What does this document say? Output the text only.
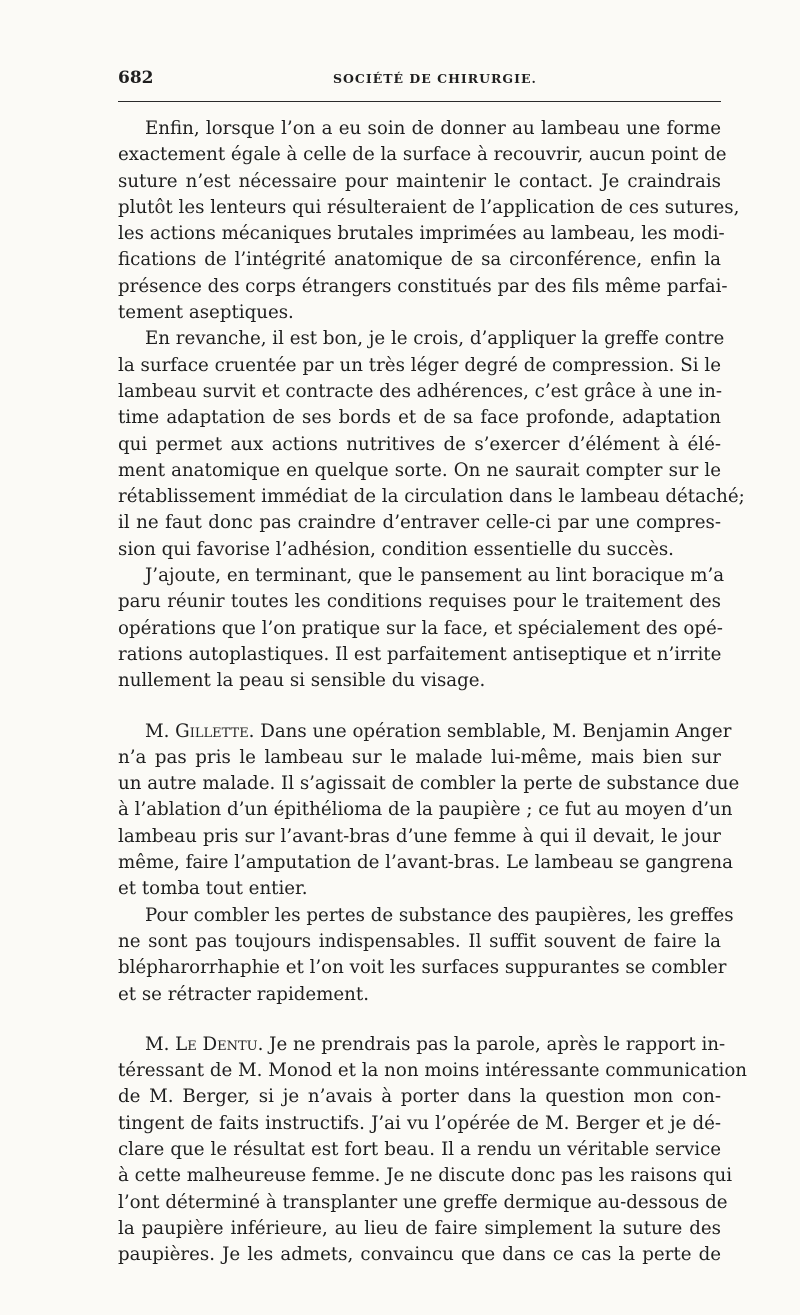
682	SOCIÉTÉ DE CHIRURGIE.

Enfin, lorsque l’on a eu soin de donner au lambeau une forme
exactement égale à celle de la surface à recouvrir, aucun point de
suture n’est nécessaire pour maintenir le contact. Je craindrais
plutôt les lenteurs qui résulteraient de l’application de ces sutures,
les actions mécaniques brutales imprimées au lambeau, les modi-
fications de l’intégrité anatomique de sa circonférence, enfin la
présence des corps étrangers constitués par des fils même parfai-
tement aseptiques.

En revanche, il est bon, je le crois, d’appliquer la greffe contre
la surface cruentée par un très léger degré de compression. Si le
lambeau survit et contracte des adhérences, c’est grâce à une in-
time adaptation de ses bords et de sa face profonde, adaptation
qui permet aux actions nutritives de s’exercer d’élément à élé-
ment anatomique en quelque sorte. On ne saurait compter sur le
rétablissement immédiat de la circulation dans le lambeau détaché;
il ne faut donc pas craindre d’entraver celle-ci par une compres-
sion qui favorise l’adhésion, condition essentielle du succès.

J’ajoute, en terminant, que le pansement au lint boracique m’a
paru réunir toutes les conditions requises pour le traitement des
opérations que l’on pratique sur la face, et spécialement des opé-
rations autoplastiques. Il est parfaitement antiseptique et n’irrite
nullement la peau si sensible du visage.

M. Gillette. Dans une opération semblable, M. Benjamin Anger
n’a pas pris le lambeau sur le malade lui-même, mais bien sur
un autre malade. Il s’agissait de combler la perte de substance due
à l’ablation d’un épithélioma de la paupière ; ce fut au moyen d’un
lambeau pris sur l’avant-bras d’une femme à qui il devait, le jour
même, faire l’amputation de l’avant-bras. Le lambeau se gangrena
et tomba tout entier.

Pour combler les pertes de substance des paupières, les greffes
ne sont pas toujours indispensables. Il suffit souvent de faire la
blépharorrhaphie et l’on voit les surfaces suppurantes se combler
et se rétracter rapidement.

M. Le Dentu. Je ne prendrais pas la parole, après le rapport in-
téressant de M. Monod et la non moins intéressante communication
de M. Berger, si je n’avais à porter dans la question mon con-
tingent de faits instructifs. J’ai vu l’opérée de M. Berger et je dé-
clare que le résultat est fort beau. Il a rendu un véritable service
à cette malheureuse femme. Je ne discute donc pas les raisons qui
l’ont déterminé à transplanter une greffe dermique au-dessous de
la paupière inférieure, au lieu de faire simplement la suture des
paupières. Je les admets, convaincu que dans ce cas la perte de
